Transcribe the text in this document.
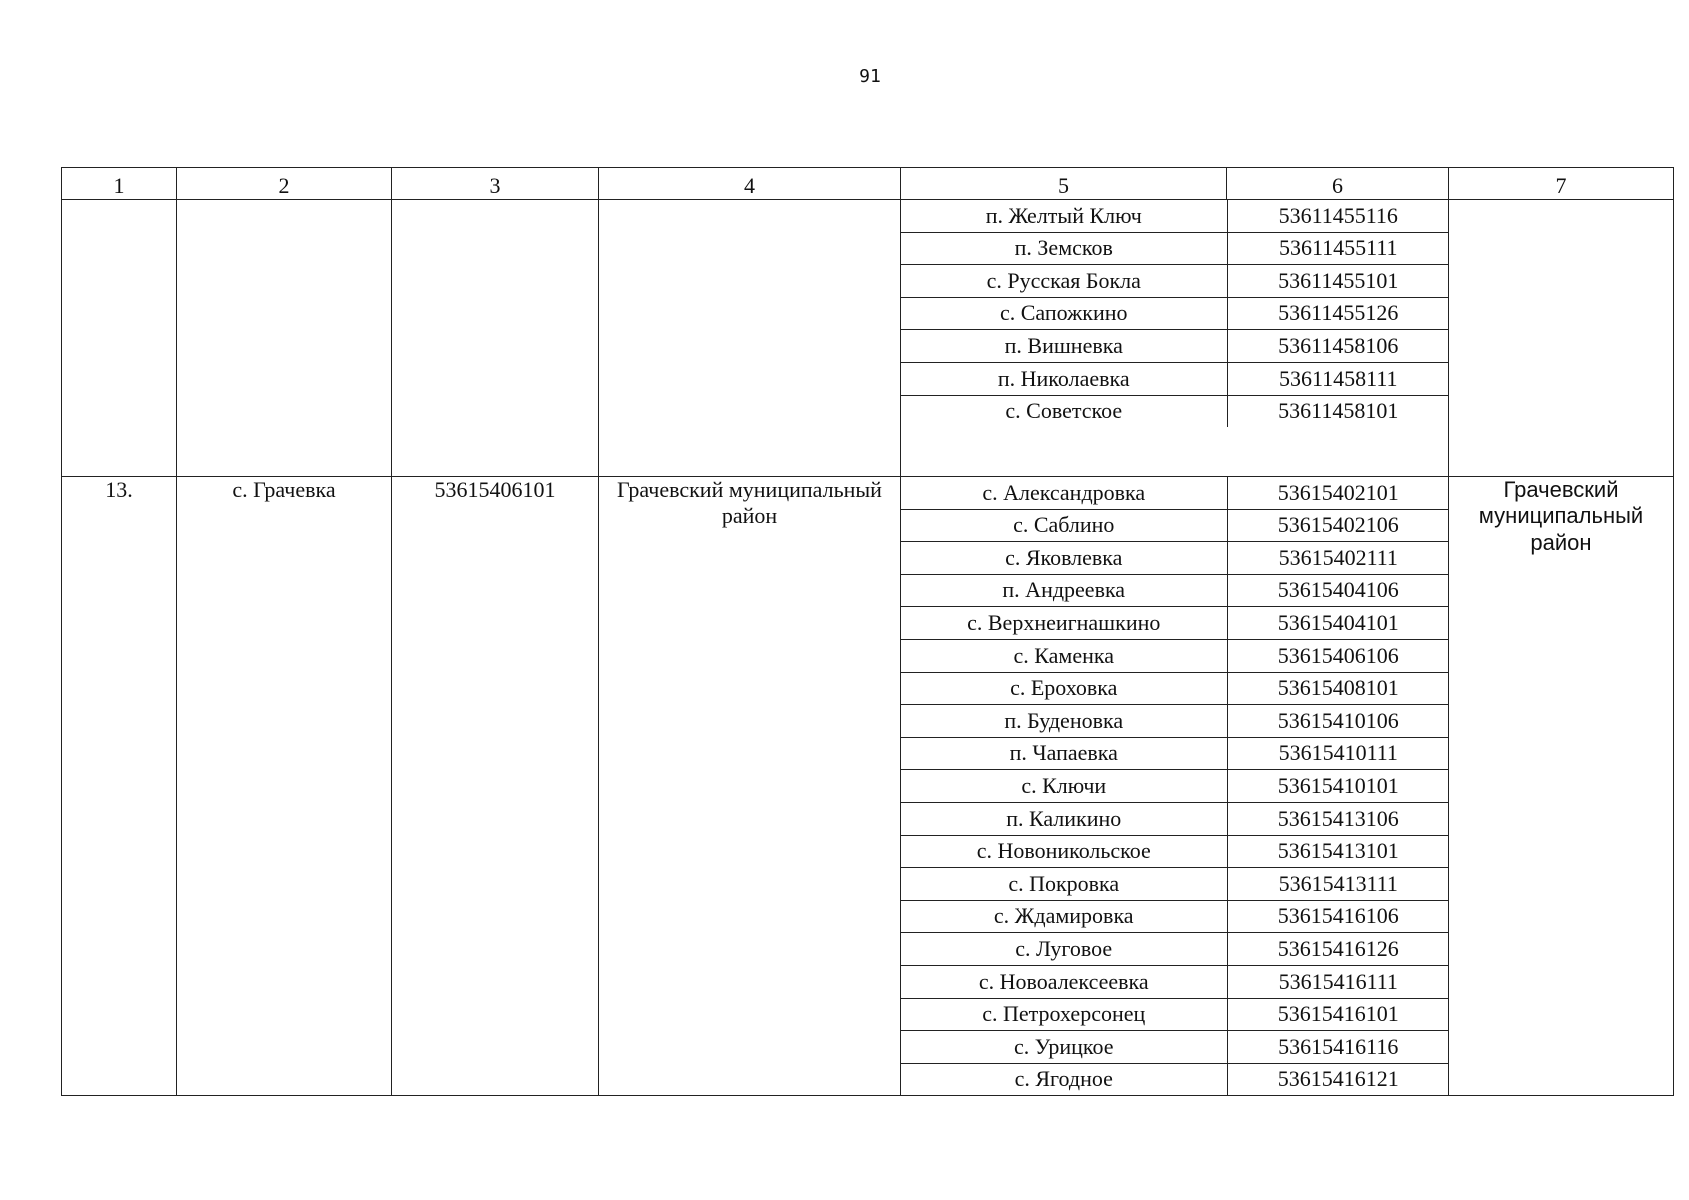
91
1	2	3	4	5	6	7

п. Желтый Ключ	53611455116
п. Земсков	53611455111
с. Русская Бокла	53611455101
с. Сапожкино	53611455126
п. Вишневка	53611458106
п. Николаевка	53611458111
с. Советское	53611458101

13.	с. Грачевка	53615406101	Грачевский муниципальный район	
с. Александровка	53615402101
с. Саблино	53615402106
с. Яковлевка	53615402111
п. Андреевка	53615404106
с. Верхнеигнашкино	53615404101
с. Каменка	53615406106
с. Ероховка	53615408101
п. Буденовка	53615410106
п. Чапаевка	53615410111
с. Ключи	53615410101
п. Каликино	53615413106
с. Новоникольское	53615413101
с. Покровка	53615413111
с. Ждамировка	53615416106
с. Луговое	53615416126
с. Новоалексеевка	53615416111
с. Петрохерсонец	53615416101
с. Урицкое	53615416116
с. Ягодное	53615416121
	Грачевский муниципальный район
